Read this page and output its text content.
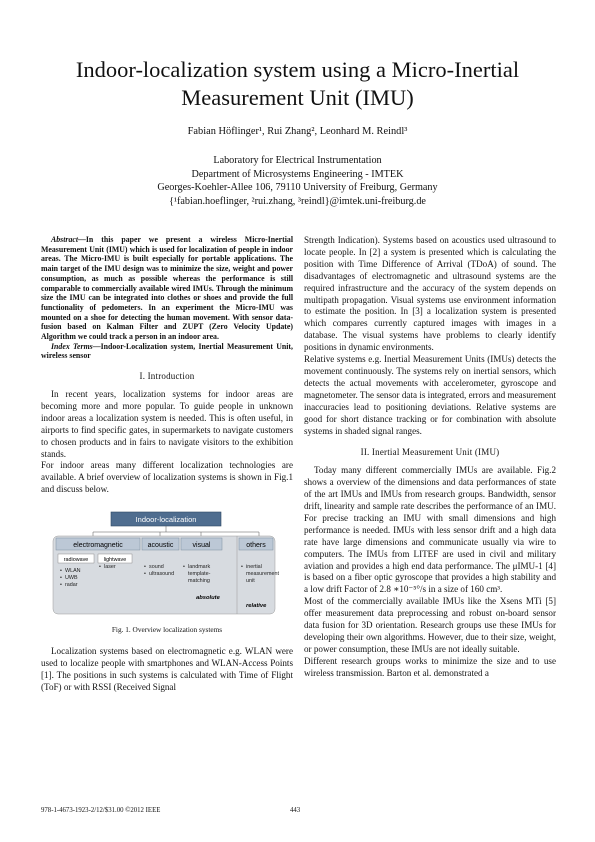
Indoor-localization system using a Micro-Inertial
Measurement Unit (IMU)
Fabian Höflinger¹, Rui Zhang², Leonhard M. Reindl³
Laboratory for Electrical Instrumentation
Department of Microsystems Engineering - IMTEK
Georges-Koehler-Allee 106, 79110 University of Freiburg, Germany
{¹fabian.hoeflinger, ²rui.zhang, ³reindl}@imtek.uni-freiburg.de

Abstract—In this paper we present a wireless Micro-Inertial Measurement Unit (IMU) which is used for localization of people in indoor areas. The Micro-IMU is built especially for portable applications. The main target of the IMU design was to minimize the size, weight and power consumption, as much as possible whereas the performance is still comparable to commercially available wired IMUs. Through the minimum size the IMU can be integrated into clothes or shoes and provide the full functionality of pedometers. In an experiment the Micro-IMU was mounted on a shoe for detecting the human movement. With sensor data-fusion based on Kalman Filter and ZUPT (Zero Velocity Update) Algorithm we could track a person in an indoor area.

Index Terms—Indoor-Localization system, Inertial Measurement Unit, wireless sensor

I. Introduction

In recent years, localization systems for indoor areas are becoming more and more popular. To guide people in unknown indoor areas a localization system is needed. This is often useful, in airports to find specific gates, in supermarkets to navigate customers to chosen products and in fairs to navigate visitors to the exhibition stands.

For indoor areas many different localization technologies are available. A brief overview of localization systems is shown in Fig.1 and discuss below.

Indoor-localization
electromagnetic	acoustic	visual	others
radiowave	lightwave
• WLAN
• UWB
• radar
• laser	• sound
• ultrasound
• landmark
template-
matching
• inertial
measurement
unit
absolute
relative
Fig. 1. Overview localization systems

Localization systems based on electromagnetic e.g. WLAN were used to localize people with smartphones and WLAN-Access Points [1]. The positions in such systems is calculated with Time of Flight (ToF) or with RSSI (Received Signal

Strength Indication). Systems based on acoustics used ultrasound to locate people. In [2] a system is presented which is calculating the position with Time Difference of Arrival (TDoA) of sound. The disadvantages of electromagnetic and ultrasound systems are the required infrastructure and the accuracy of the system depends on multipath propagation. Visual systems use environment information to estimate the position. In [3] a localization system is presented which compares currently captured images with images in a database. The visual systems have problems to clearly identify positions in dynamic environments.

Relative systems e.g. Inertial Measurement Units (IMUs) detects the movement continuously. The systems rely on inertial sensors, which detects the actual movements with accelerometer, gyroscope and magnetometer. The sensor data is integrated, errors and measurement inaccuracies lead to positioning deviations. Relative systems are good for short distance tracking or for combination with absolute systems in shaded signal ranges.

II. Inertial Measurement Unit (IMU)

Today many different commercially IMUs are available. Fig.2 shows a overview of the dimensions and data performances of state of the art IMUs and IMUs from research groups. Bandwidth, sensor drift, linearity and sample rate describes the performance of an IMU. For precise tracking an IMU with small dimensions and high performance is needed. IMUs with less sensor drift and a high data rate have large dimensions and communicate usually via wire to computers. The IMUs from LITEF are used in civil and military aviation and provides a high end data performance. The μIMU-1 [4] is based on a fiber optic gyroscope that provides a high stability and a low drift Factor of 2.8 ∗10⁻⁵°/s in a size of 160 cm³.

Most of the commercially available IMUs like the Xsens MTi [5] offer measurement data preprocessing and robust on-board sensor data fusion for 3D orientation. Research groups use these IMUs for developing their own algorithms. However, due to their size, weight, or power consumption, these IMUs are not ideally suitable.

Different research groups works to minimize the size and to use wireless transmission. Barton et al. demonstrated a

978-1-4673-1923-2/12/$31.00 ©2012 IEEE	443
